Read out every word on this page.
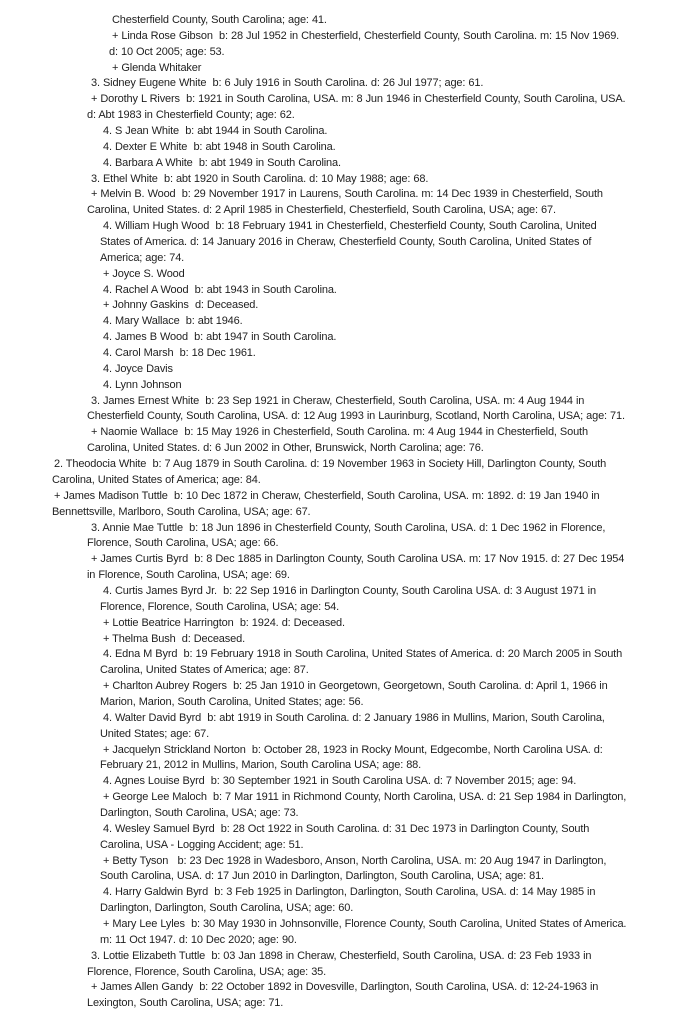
Chesterfield County, South Carolina; age: 41.
+ Linda Rose Gibson  b: 28 Jul 1952 in Chesterfield, Chesterfield County, South Carolina. m: 15 Nov 1969. d: 10 Oct 2005; age: 53.
+ Glenda Whitaker
3. Sidney Eugene White  b: 6 July 1916 in South Carolina. d: 26 Jul 1977; age: 61.
+ Dorothy L Rivers  b: 1921 in South Carolina, USA. m: 8 Jun 1946 in Chesterfield County, South Carolina, USA. d: Abt 1983 in Chesterfield County; age: 62.
4. S Jean White  b: abt 1944 in South Carolina.
4. Dexter E White  b: abt 1948 in South Carolina.
4. Barbara A White  b: abt 1949 in South Carolina.
3. Ethel White  b: abt 1920 in South Carolina. d: 10 May 1988; age: 68.
+ Melvin B. Wood  b: 29 November 1917 in Laurens, South Carolina. m: 14 Dec 1939 in Chesterfield, South Carolina, United States. d: 2 April 1985 in Chesterfield, Chesterfield, South Carolina, USA; age: 67.
4. William Hugh Wood  b: 18 February 1941 in Chesterfield, Chesterfield County, South Carolina, United States of America. d: 14 January 2016 in Cheraw, Chesterfield County, South Carolina, United States of America; age: 74.
+ Joyce S. Wood
4. Rachel A Wood  b: abt 1943 in South Carolina.
+ Johnny Gaskins  d: Deceased.
4. Mary Wallace  b: abt 1946.
4. James B Wood  b: abt 1947 in South Carolina.
4. Carol Marsh  b: 18 Dec 1961.
4. Joyce Davis
4. Lynn Johnson
3. James Ernest White  b: 23 Sep 1921 in Cheraw, Chesterfield, South Carolina, USA. m: 4 Aug 1944 in Chesterfield County, South Carolina, USA. d: 12 Aug 1993 in Laurinburg, Scotland, North Carolina, USA; age: 71.
+ Naomie Wallace  b: 15 May 1926 in Chesterfield, South Carolina. m: 4 Aug 1944 in Chesterfield, South Carolina, United States. d: 6 Jun 2002 in Other, Brunswick, North Carolina; age: 76.
2. Theodocia White  b: 7 Aug 1879 in South Carolina. d: 19 November 1963 in Society Hill, Darlington County, South Carolina, United States of America; age: 84.
+ James Madison Tuttle  b: 10 Dec 1872 in Cheraw, Chesterfield, South Carolina, USA. m: 1892. d: 19 Jan 1940 in Bennettsville, Marlboro, South Carolina, USA; age: 67.
3. Annie Mae Tuttle  b: 18 Jun 1896 in Chesterfield County, South Carolina, USA. d: 1 Dec 1962 in Florence, Florence, South Carolina, USA; age: 66.
+ James Curtis Byrd  b: 8 Dec 1885 in Darlington County, South Carolina USA. m: 17 Nov 1915. d: 27 Dec 1954 in Florence, South Carolina, USA; age: 69.
4. Curtis James Byrd Jr.  b: 22 Sep 1916 in Darlington County, South Carolina USA. d: 3 August 1971 in Florence, Florence, South Carolina, USA; age: 54.
+ Lottie Beatrice Harrington  b: 1924. d: Deceased.
+ Thelma Bush  d: Deceased.
4. Edna M Byrd  b: 19 February 1918 in South Carolina, United States of America. d: 20 March 2005 in South Carolina, United States of America; age: 87.
+ Charlton Aubrey Rogers  b: 25 Jan 1910 in Georgetown, Georgetown, South Carolina. d: April 1, 1966 in Marion, Marion, South Carolina, United States; age: 56.
4. Walter David Byrd  b: abt 1919 in South Carolina. d: 2 January 1986 in Mullins, Marion, South Carolina, United States; age: 67.
+ Jacquelyn Strickland Norton  b: October 28, 1923 in Rocky Mount, Edgecombe, North Carolina USA. d: February 21, 2012 in Mullins, Marion, South Carolina USA; age: 88.
4. Agnes Louise Byrd  b: 30 September 1921 in South Carolina USA. d: 7 November 2015; age: 94.
+ George Lee Maloch  b: 7 Mar 1911 in Richmond County, North Carolina, USA. d: 21 Sep 1984 in Darlington, Darlington, South Carolina, USA; age: 73.
4. Wesley Samuel Byrd  b: 28 Oct 1922 in South Carolina. d: 31 Dec 1973 in Darlington County, South Carolina, USA - Logging Accident; age: 51.
+ Betty Tyson   b: 23 Dec 1928 in Wadesboro, Anson, North Carolina, USA. m: 20 Aug 1947 in Darlington, South Carolina, USA. d: 17 Jun 2010 in Darlington, Darlington, South Carolina, USA; age: 81.
4. Harry Galdwin Byrd  b: 3 Feb 1925 in Darlington, Darlington, South Carolina, USA. d: 14 May 1985 in Darlington, Darlington, South Carolina, USA; age: 60.
+ Mary Lee Lyles  b: 30 May 1930 in Johnsonville, Florence County, South Carolina, United States of America. m: 11 Oct 1947. d: 10 Dec 2020; age: 90.
3. Lottie Elizabeth Tuttle  b: 03 Jan 1898 in Cheraw, Chesterfield, South Carolina, USA. d: 23 Feb 1933 in Florence, Florence, South Carolina, USA; age: 35.
+ James Allen Gandy  b: 22 October 1892 in Dovesville, Darlington, South Carolina, USA. d: 12-24-1963 in Lexington, South Carolina, USA; age: 71.
